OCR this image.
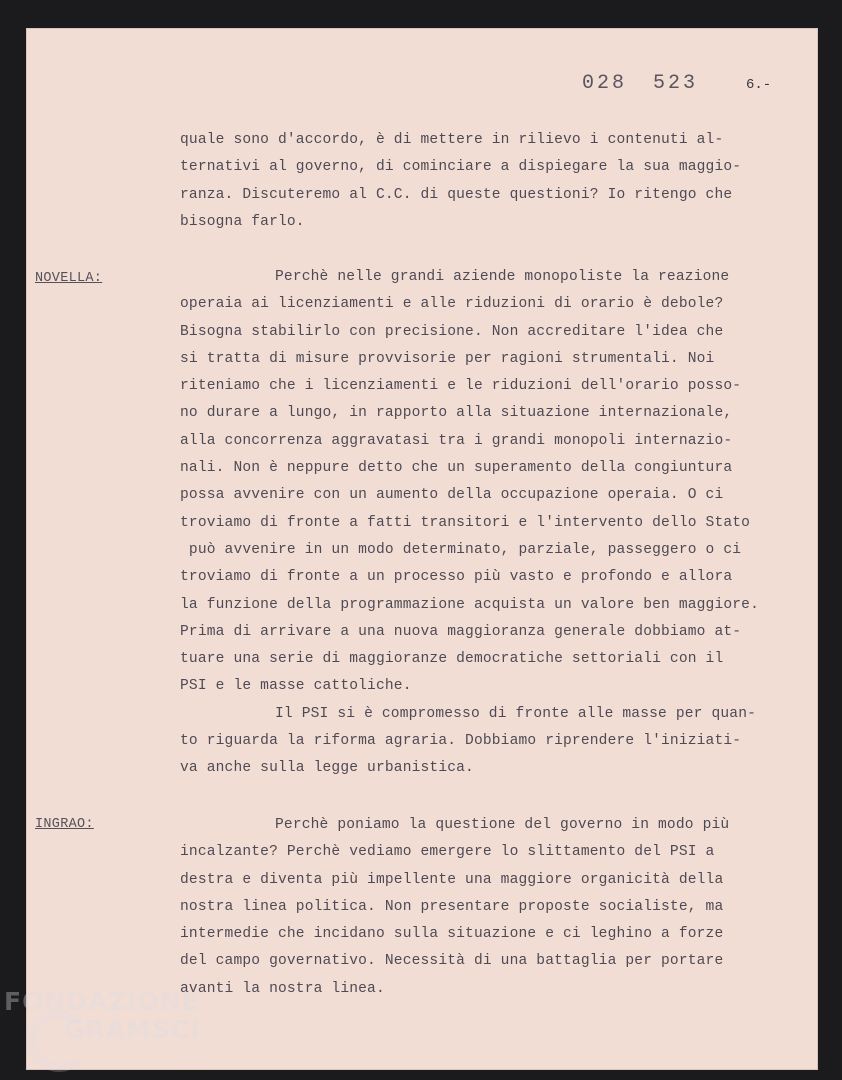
028 523	6.-
quale sono d'accordo, è di mettere in rilievo i contenuti al-
ternativi al governo, di cominciare a dispiegare la sua maggio-
ranza. Discuteremo al C.C. di queste questioni? Io ritengo che
bisogna farlo.
NOVELLA:	Perchè nelle grandi aziende monopoliste la reazione
operaia ai licenziamenti e alle riduzioni di orario è debole?
Bisogna stabilirlo con precisione. Non accreditare l'idea che
si tratta di misure provvisorie per ragioni strumentali. Noi
riteniamo che i licenziamenti e le riduzioni dell'orario posso-
no durare a lungo, in rapporto alla situazione internazionale,
alla concorrenza aggravatasi tra i grandi monopoli internazio-
nali. Non è neppure detto che un superamento della congiuntura
possa avvenire con un aumento della occupazione operaia. O ci
troviamo di fronte a fatti transitori e l'intervento dello Stato
può avvenire in un modo determinato, parziale, passeggero o ci
troviamo di fronte a un processo più vasto e profondo e allora
la funzione della programmazione acquista un valore ben maggiore.
Prima di arrivare a una nuova maggioranza generale dobbiamo at-
tuare una serie di maggioranze democratiche settoriali con il
PSI e le masse cattoliche.
Il PSI si è compromesso di fronte alle masse per quan-
to riguarda la riforma agraria. Dobbiamo riprendere l'iniziati-
va anche sulla legge urbanistica.
INGRAO:	Perchè poniamo la questione del governo in modo più
incalzante? Perchè vediamo emergere lo slittamento del PSI a
destra e diventa più impellente una maggiore organicità della
nostra linea politica. Non presentare proposte socialiste, ma
intermedie che incidano sulla situazione e ci leghino a forze
del campo governativo. Necessità di una battaglia per portare
avanti la nostra linea.
FONDAZIONE
GRAMSCI
ONLUS
